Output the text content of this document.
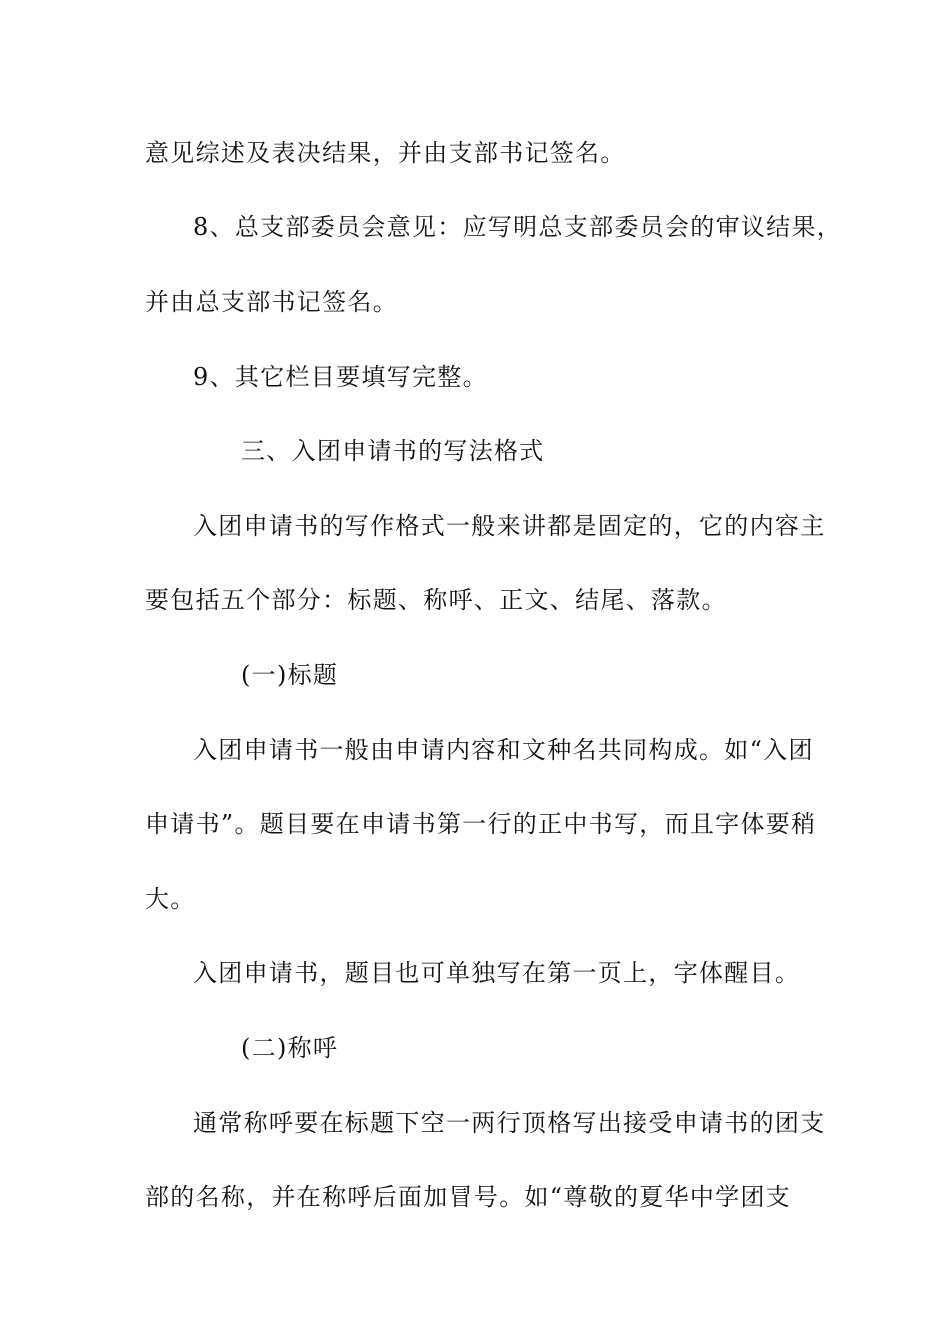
意见综述及表决结果，并由支部书记签名。
8、总支部委员会意见：应写明总支部委员会的审议结果，
并由总支部书记签名。
9、其它栏目要填写完整。
三、入团申请书的写法格式
入团申请书的写作格式一般来讲都是固定的，它的内容主
要包括五个部分：标题、称呼、正文、结尾、落款。
(一)标题
入团申请书一般由申请内容和文种名共同构成。如“入团
申请书”。题目要在申请书第一行的正中书写，而且字体要稍
大。
入团申请书，题目也可单独写在第一页上，字体醒目。
(二)称呼
通常称呼要在标题下空一两行顶格写出接受申请书的团支
部的名称，并在称呼后面加冒号。如“尊敬的夏华中学团支
